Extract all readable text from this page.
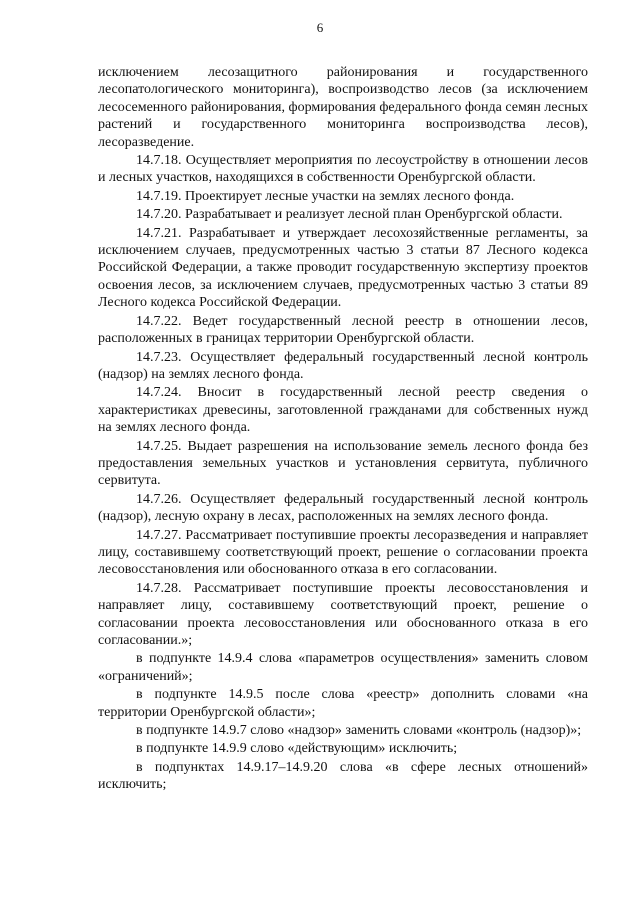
6

исключением лесозащитного районирования и государственного лесопатологического мониторинга), воспроизводство лесов (за исключением лесосеменного районирования, формирования федерального фонда семян лесных растений и государственного мониторинга воспроизводства лесов), лесоразведение.

14.7.18. Осуществляет мероприятия по лесоустройству в отношении лесов и лесных участков, находящихся в собственности Оренбургской области.

14.7.19. Проектирует лесные участки на землях лесного фонда.

14.7.20. Разрабатывает и реализует лесной план Оренбургской области.

14.7.21. Разрабатывает и утверждает лесохозяйственные регламенты, за исключением случаев, предусмотренных частью 3 статьи 87 Лесного кодекса Российской Федерации, а также проводит государственную экспертизу проектов освоения лесов, за исключением случаев, предусмотренных частью 3 статьи 89 Лесного кодекса Российской Федерации.

14.7.22. Ведет государственный лесной реестр в отношении лесов, расположенных в границах территории Оренбургской области.

14.7.23. Осуществляет федеральный государственный лесной контроль (надзор) на землях лесного фонда.

14.7.24. Вносит в государственный лесной реестр сведения о характеристиках древесины, заготовленной гражданами для собственных нужд на землях лесного фонда.

14.7.25. Выдает разрешения на использование земель лесного фонда без предоставления земельных участков и установления сервитута, публичного сервитута.

14.7.26. Осуществляет федеральный государственный лесной контроль (надзор), лесную охрану в лесах, расположенных на землях лесного фонда.

14.7.27. Рассматривает поступившие проекты лесоразведения и направляет лицу, составившему соответствующий проект, решение о согласовании проекта лесовосстановления или обоснованного отказа в его согласовании.

14.7.28. Рассматривает поступившие проекты лесовосстановления и направляет лицу, составившему соответствующий проект, решение о согласовании проекта лесовосстановления или обоснованного отказа в его согласовании.»;

в подпункте 14.9.4 слова «параметров осуществления» заменить словом «ограничений»;

в подпункте 14.9.5 после слова «реестр» дополнить словами «на территории Оренбургской области»;

в подпункте 14.9.7 слово «надзор» заменить словами «контроль (надзор)»;

в подпункте 14.9.9 слово «действующим» исключить;

в подпунктах 14.9.17–14.9.20 слова «в сфере лесных отношений» исключить;
